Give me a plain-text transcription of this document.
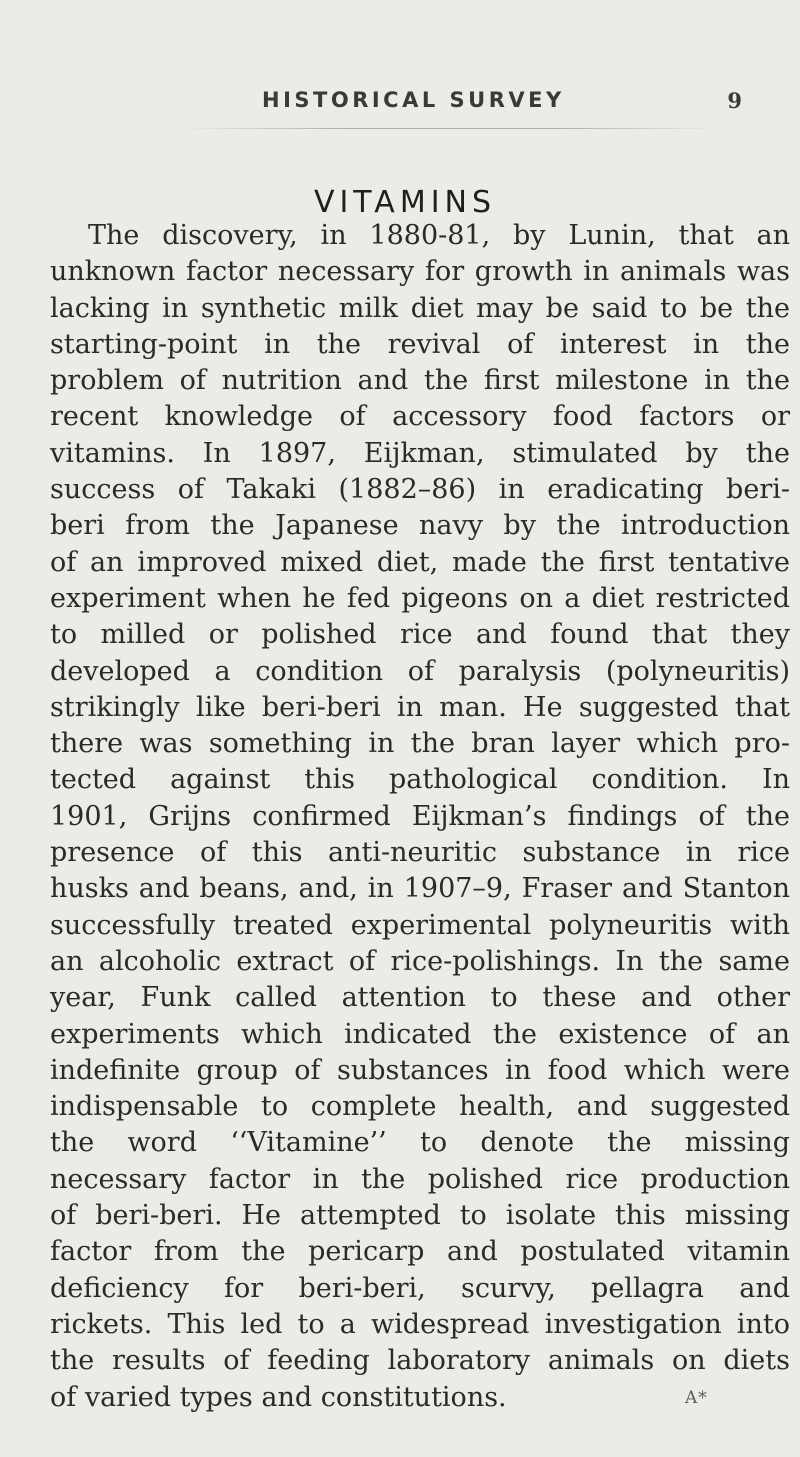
HISTORICAL SURVEY	9
VITAMINS
The discovery, in 1880-81, by Lunin, that an
unknown factor necessary for growth in animals was
lacking in synthetic milk diet may be said to be the
starting-point in the revival of interest in the
problem of nutrition and the first milestone in the
recent knowledge of accessory food factors or
vitamins. In 1897, Eijkman, stimulated by the
success of Takaki (1882–86) in eradicating beri-
beri from the Japanese navy by the introduction
of an improved mixed diet, made the first tentative
experiment when he fed pigeons on a diet restricted
to milled or polished rice and found that they
developed a condition of paralysis (polyneuritis)
strikingly like beri-beri in man. He suggested that
there was something in the bran layer which pro-
tected against this pathological condition. In
1901, Grijns confirmed Eijkman’s findings of the
presence of this anti-neuritic substance in rice
husks and beans, and, in 1907–9, Fraser and Stanton
successfully treated experimental polyneuritis with
an alcoholic extract of rice-polishings. In the same
year, Funk called attention to these and other
experiments which indicated the existence of an
indefinite group of substances in food which were
indispensable to complete health, and suggested
the word ‘‘Vitamine’’ to denote the missing
necessary factor in the polished rice production
of beri-beri. He attempted to isolate this missing
factor from the pericarp and postulated vitamin
deficiency for beri-beri, scurvy, pellagra and
rickets. This led to a widespread investigation into
the results of feeding laboratory animals on diets
of varied types and constitutions.	A*
